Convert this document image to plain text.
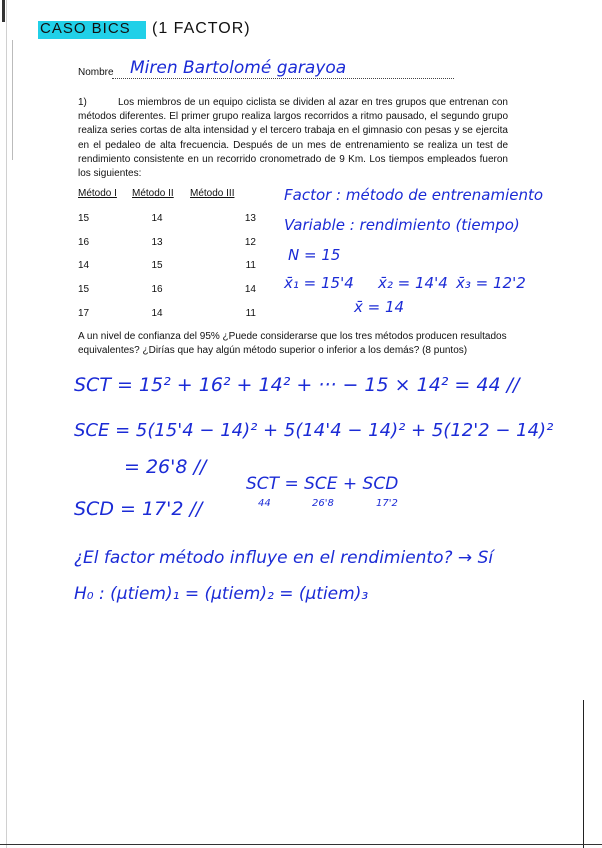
CASO BICS (1 FACTOR)
Nombre Miren Bartolomé garayoa
1)	Los miembros de un equipo ciclista se dividen al azar en tres grupos que entrenan con métodos diferentes. El primer grupo realiza largos recorridos a ritmo pausado, el segundo grupo realiza series cortas de alta intensidad y el tercero trabaja en el gimnasio con pesas y se ejercita en el pedaleo de alta frecuencia. Después de un mes de entrenamiento se realiza un test de rendimiento consistente en un recorrido cronometrado de 9 Km. Los tiempos empleados fueron los siguientes:
Método I	Método II	Método III
15	14	13
16	13	12
14	15	11
15	16	14
17	14	11
Factor : método de entrenamiento
Variable : rendimiento (tiempo)
N = 15
x̄₁ = 15'4 x̄₂ = 14'4 x̄₃ = 12'2
x̄ = 14
A un nivel de confianza del 95% ¿Puede considerarse que los tres métodos producen resultados equivalentes? ¿Dirías que hay algún método superior o inferior a los demás? (8 puntos)
SCT = 15² + 16² + 14² + ··· − 15 × 14² = 44 //
SCE = 5(15'4 − 14)² + 5(14'4 − 14)² + 5(12'2 − 14)²
= 26'8 //
SCD = 17'2 //
SCT = SCE + SCD
44	26'8	17'2
¿El factor método influye en el rendimiento? → Sí
H₀ : (μtiem)₁ = (μtiem)₂ = (μtiem)₃
